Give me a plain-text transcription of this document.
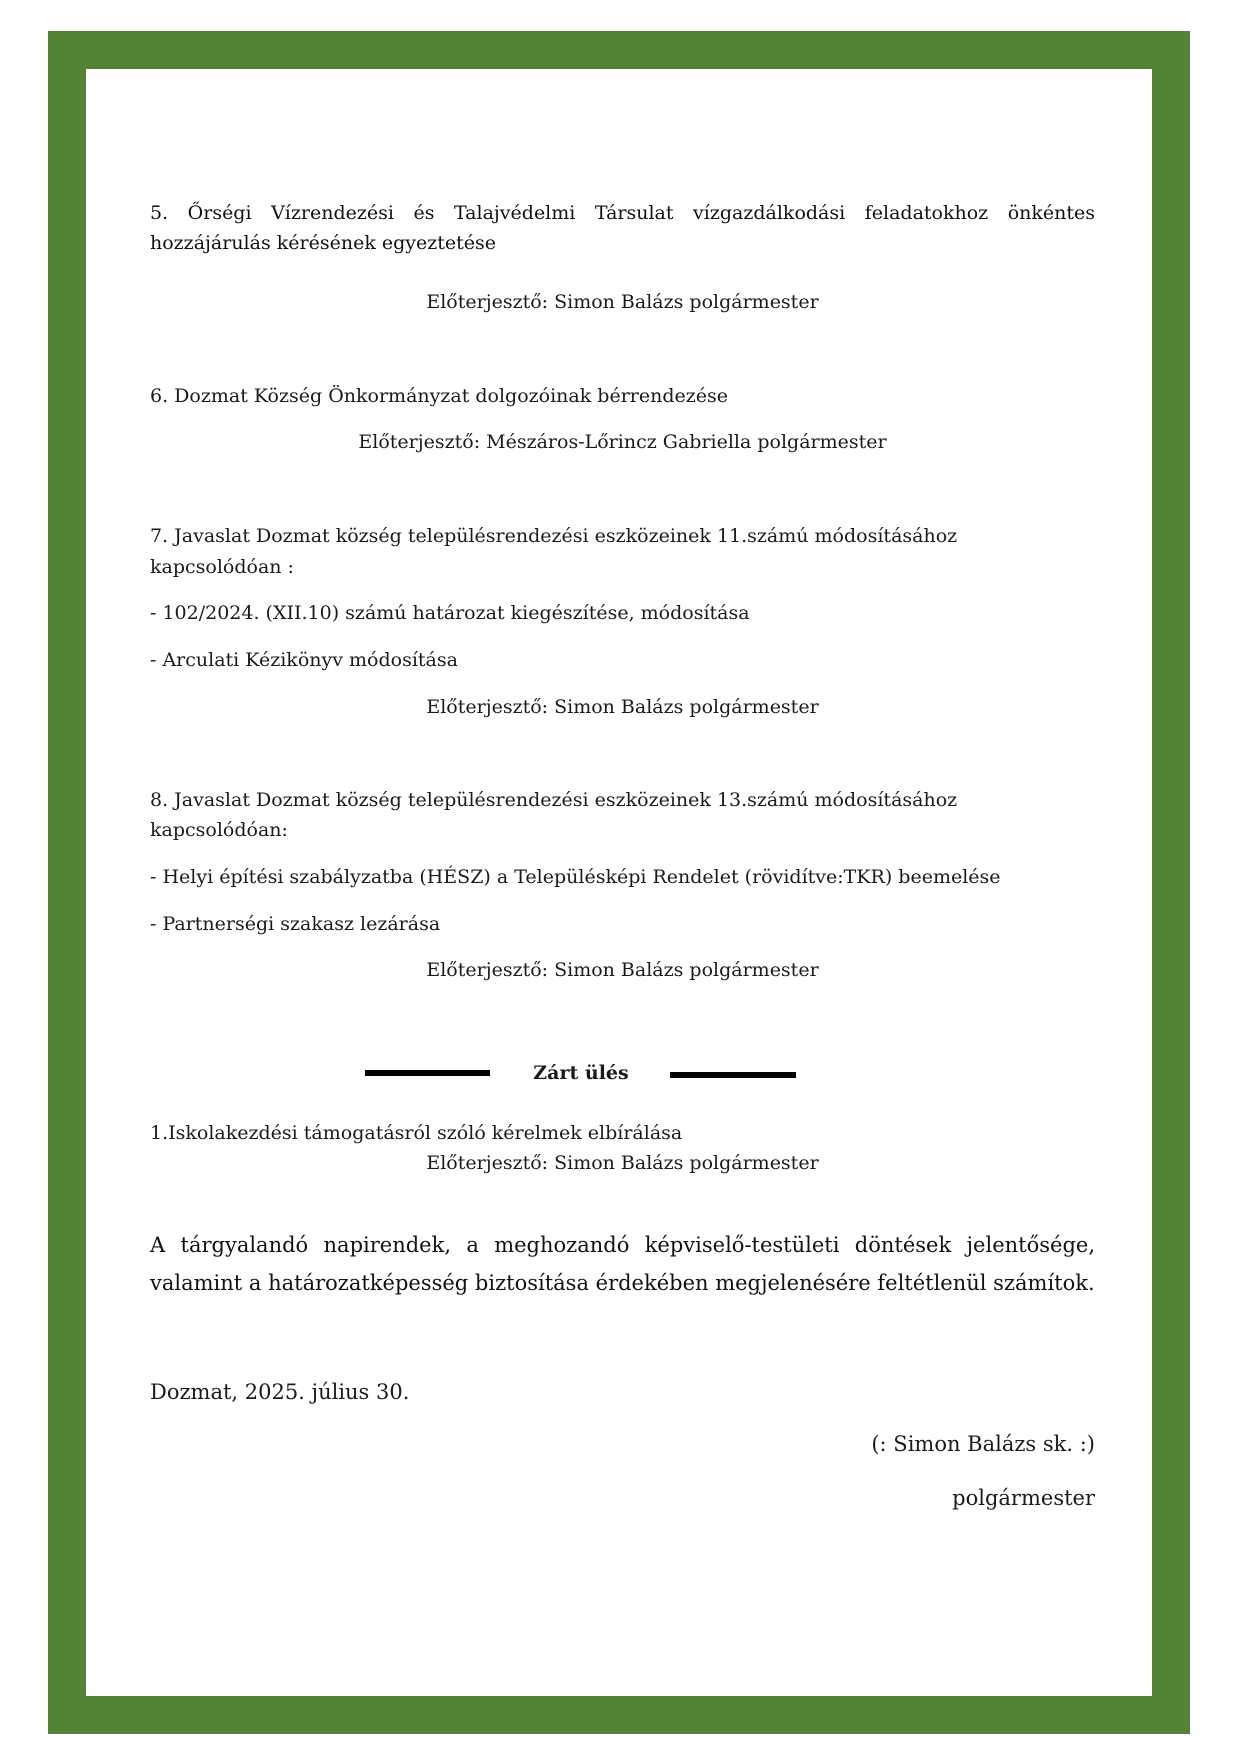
5. Őrségi Vízrendezési és Talajvédelmi Társulat vízgazdálkodási feladatokhoz önkéntes hozzájárulás kérésének egyeztetése
Előterjesztő: Simon Balázs polgármester
6. Dozmat Község Önkormányzat dolgozóinak bérrendezése
Előterjesztő: Mészáros-Lőrincz Gabriella polgármester
7. Javaslat Dozmat község településrendezési eszközeinek 11.számú módosításához
kapcsolódóan :
- 102/2024. (XII.10) számú határozat kiegészítése, módosítása
- Arculati Kézikönyv módosítása
Előterjesztő: Simon Balázs polgármester
8. Javaslat Dozmat község településrendezési eszközeinek 13.számú módosításához
kapcsolódóan:
- Helyi építési szabályzatba (HÉSZ) a Településképi Rendelet (rövidítve:TKR) beemelése
- Partnerségi szakasz lezárása
Előterjesztő: Simon Balázs polgármester
Zárt ülés
1.Iskolakezdési támogatásról szóló kérelmek elbírálása
Előterjesztő: Simon Balázs polgármester
A tárgyalandó napirendek, a meghozandó képviselő-testületi döntések jelentősége, valamint a határozatképesség biztosítása érdekében megjelenésére feltétlenül számítok.
Dozmat, 2025. július 30.
(: Simon Balázs sk. :)
polgármester
